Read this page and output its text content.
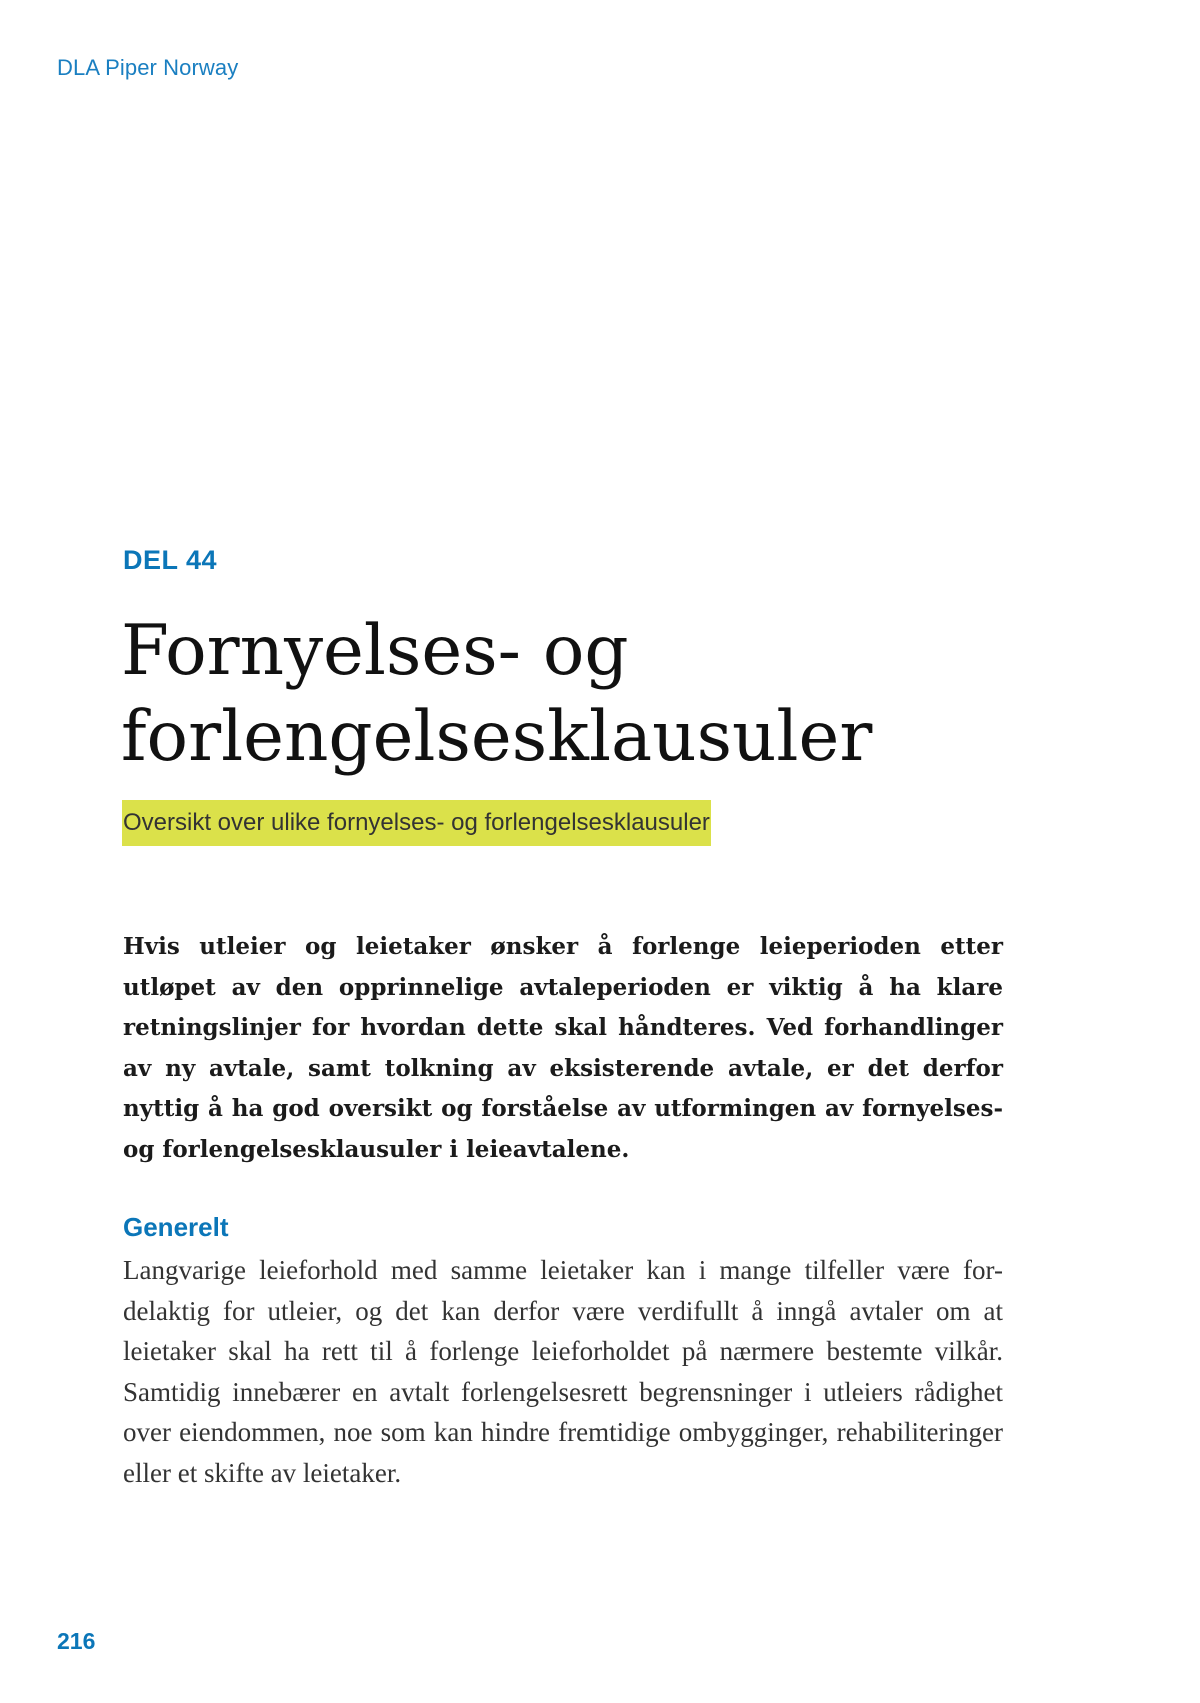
DLA Piper Norway
DEL 44
Fornyelses- og
forlengelsesklausuler
Oversikt over ulike fornyelses- og forlengelsesklausuler

Hvis utleier og leietaker ønsker å forlenge leieperioden etter utløpet av den opprinnelige avtaleperioden er viktig å ha klare retningslinjer for hvordan dette skal håndteres. Ved forhandlinger av ny avtale, samt tolkning av eksisterende avtale, er det derfor nyttig å ha god oversikt og forståelse av utformingen av fornyelses- og forlengelsesklausuler i leieavtalene.

Generelt

Langvarige leieforhold med samme leietaker kan i mange tilfeller være for-delaktig for utleier, og det kan derfor være verdifullt å inngå avtaler om at leietaker skal ha rett til å forlenge leieforholdet på nærmere bestemte vilkår. Samtidig innebærer en avtalt forlengelsesrett begrensninger i utleiers rådighet over eiendommen, noe som kan hindre fremtidige ombygginger, rehabiliteringer eller et skifte av leietaker.

216
